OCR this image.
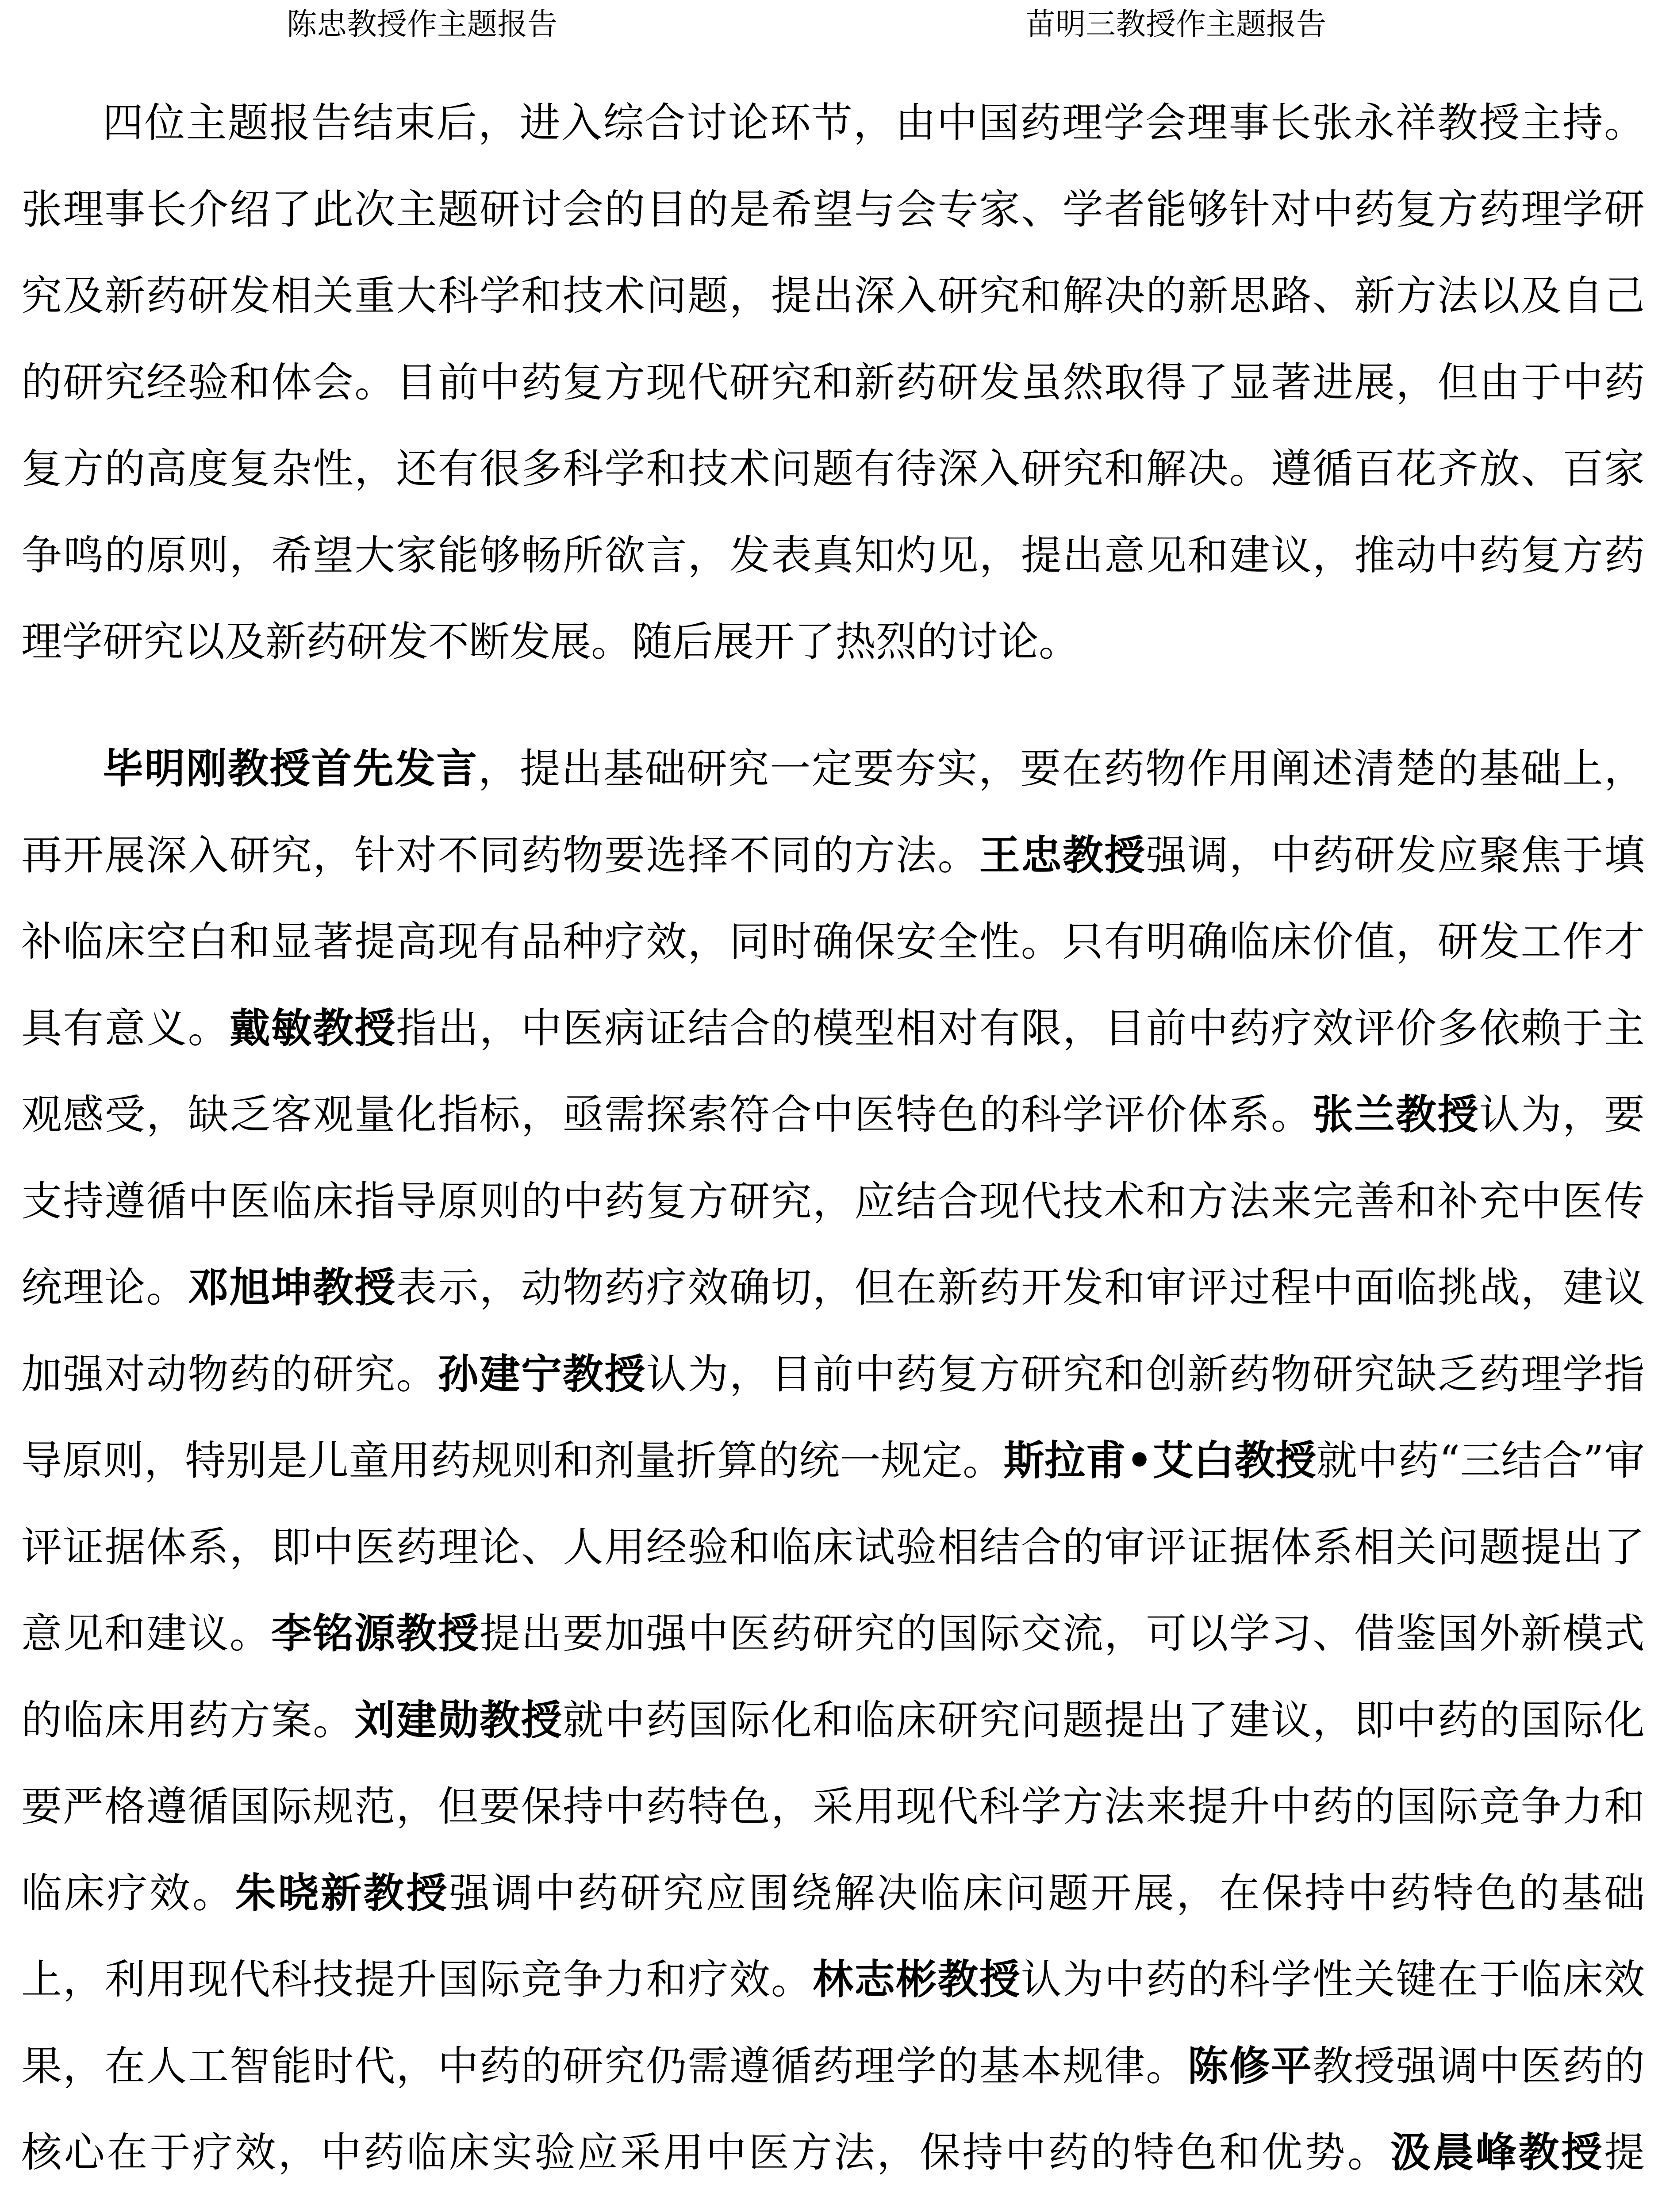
陈忠教授作主题报告	苗明三教授作主题报告

四位主题报告结束后，进入综合讨论环节，由中国药理学会理事长张永祥教授主持。张理事长介绍了此次主题研讨会的目的是希望与会专家、学者能够针对中药复方药理学研究及新药研发相关重大科学和技术问题，提出深入研究和解决的新思路、新方法以及自己的研究经验和体会。目前中药复方现代研究和新药研发虽然取得了显著进展，但由于中药复方的高度复杂性，还有很多科学和技术问题有待深入研究和解决。遵循百花齐放、百家争鸣的原则，希望大家能够畅所欲言，发表真知灼见，提出意见和建议，推动中药复方药理学研究以及新药研发不断发展。随后展开了热烈的讨论。

毕明刚教授首先发言，提出基础研究一定要夯实，要在药物作用阐述清楚的基础上，再开展深入研究，针对不同药物要选择不同的方法。王忠教授强调，中药研发应聚焦于填补临床空白和显著提高现有品种疗效，同时确保安全性。只有明确临床价值，研发工作才具有意义。戴敏教授指出，中医病证结合的模型相对有限，目前中药疗效评价多依赖于主观感受，缺乏客观量化指标，亟需探索符合中医特色的科学评价体系。张兰教授认为，要支持遵循中医临床指导原则的中药复方研究，应结合现代技术和方法来完善和补充中医传统理论。邓旭坤教授表示，动物药疗效确切，但在新药开发和审评过程中面临挑战，建议加强对动物药的研究。孙建宁教授认为，目前中药复方研究和创新药物研究缺乏药理学指导原则，特别是儿童用药规则和剂量折算的统一规定。斯拉甫•艾白教授就中药“三结合”审评证据体系，即中医药理论、人用经验和临床试验相结合的审评证据体系相关问题提出了意见和建议。李铭源教授提出要加强中医药研究的国际交流，可以学习、借鉴国外新模式的临床用药方案。刘建勋教授就中药国际化和临床研究问题提出了建议，即中药的国际化要严格遵循国际规范，但要保持中药特色，采用现代科学方法来提升中药的国际竞争力和临床疗效。朱晓新教授强调中药研究应围绕解决临床问题开展，在保持中药特色的基础上，利用现代科技提升国际竞争力和疗效。林志彬教授认为中药的科学性关键在于临床效果，在人工智能时代，中药的研究仍需遵循药理学的基本规律。陈修平教授强调中医药的核心在于疗效，中药临床实验应采用中医方法，保持中药的特色和优势。汲晨峰教授提
